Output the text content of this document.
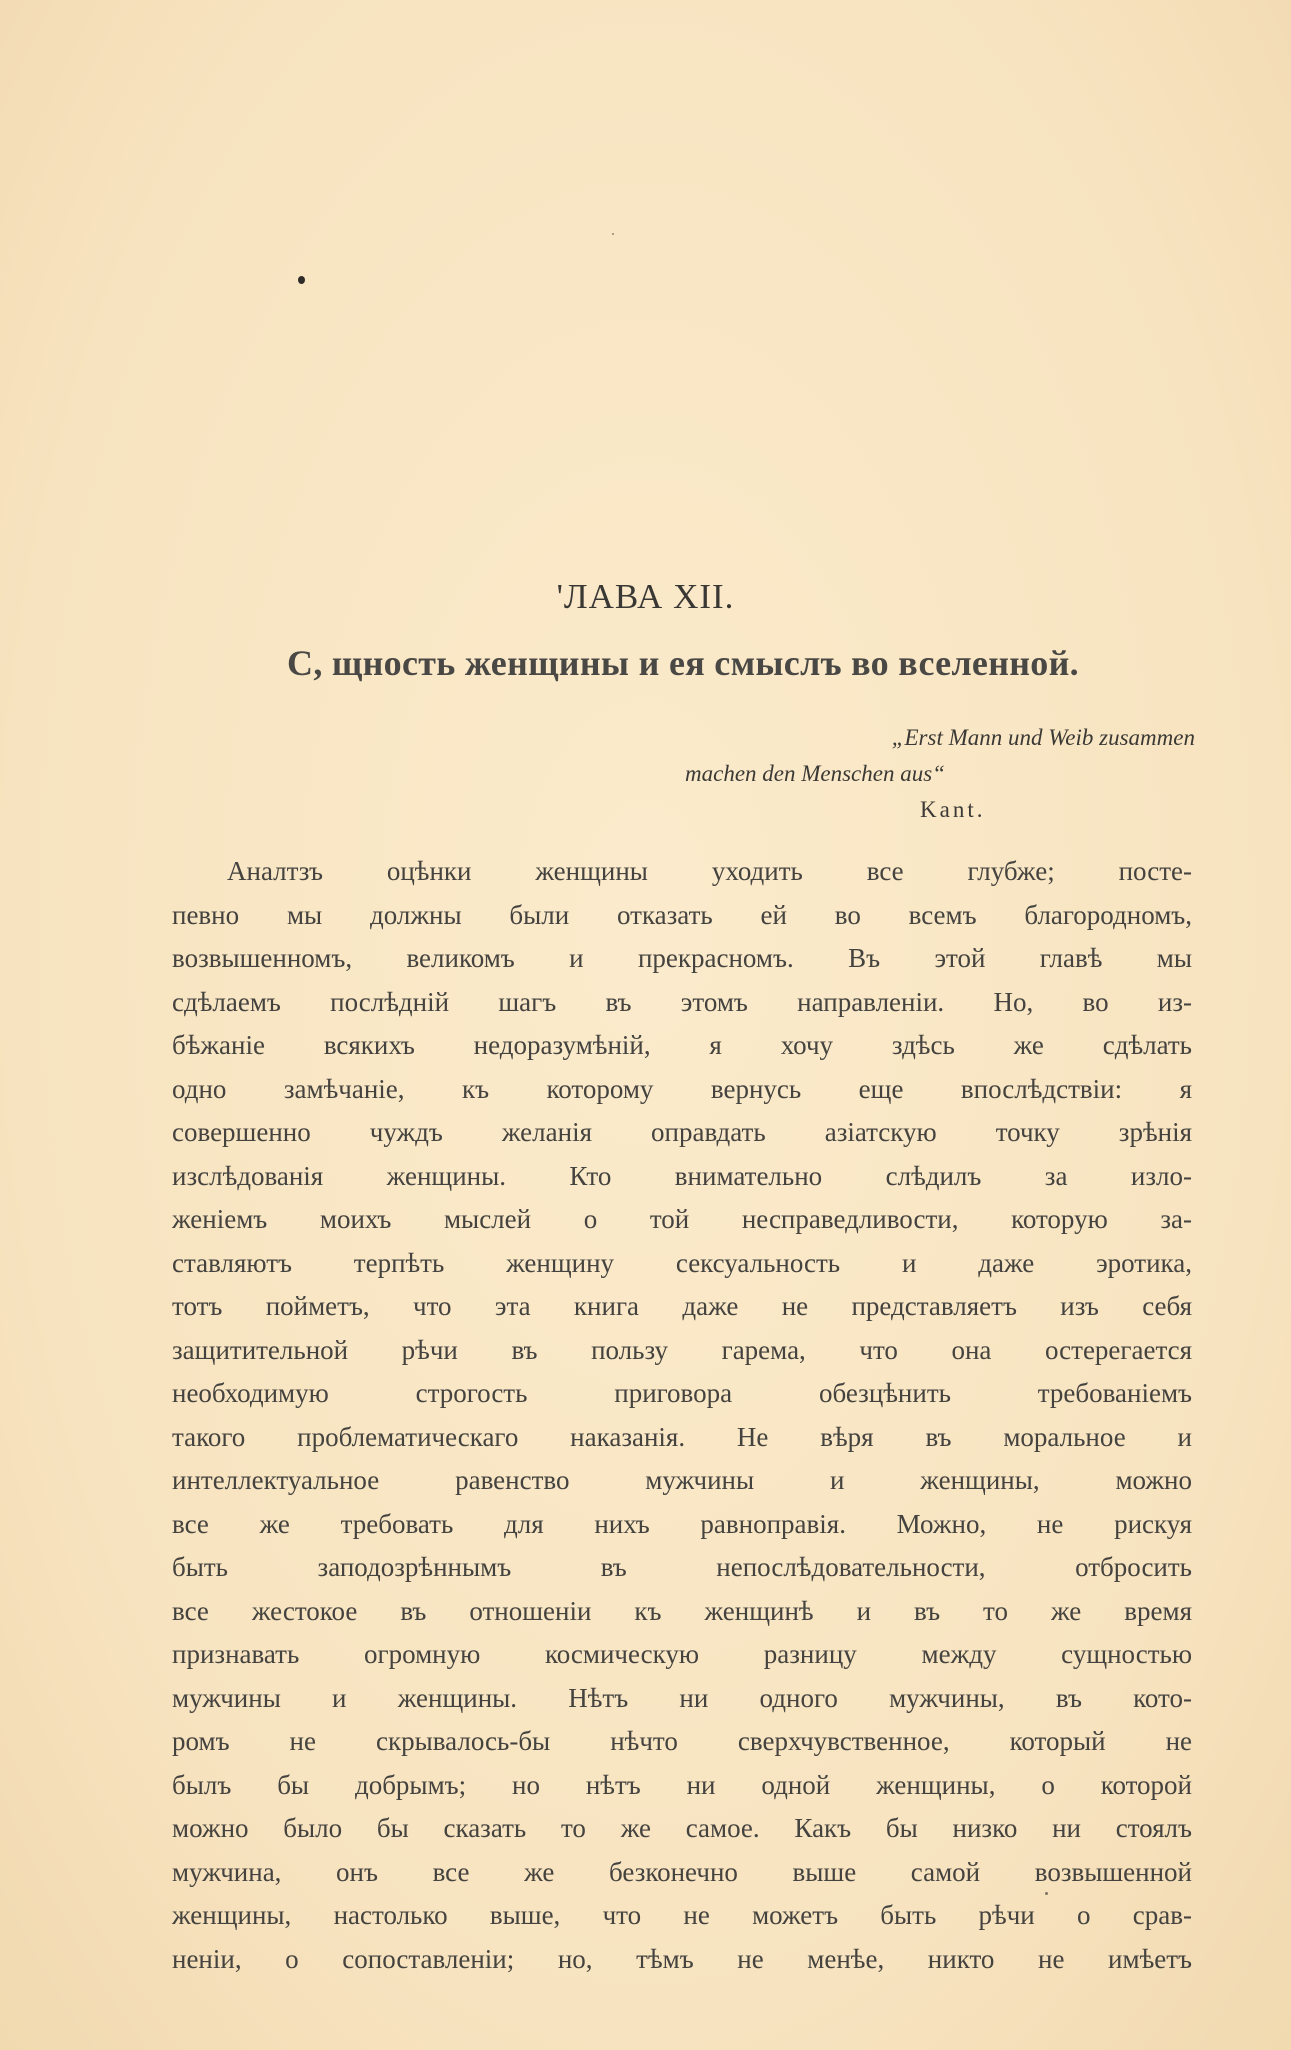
'ЛАВА XII.
С, щность женщины и ея смыслъ во вселенной.
„Erst Mann und Weib zusammen
machen den Menschen aus“
Kant.
Аналтзъ оцѣнки женщины уходить все глубже; посте-
певно мы должны были отказать ей во всемъ благородномъ,
возвышенномъ, великомъ и прекрасномъ. Въ этой главѣ мы
сдѣлаемъ послѣдній шагъ въ этомъ направленіи. Но, во из-
бѣжаніе всякихъ недоразумѣній, я хочу здѣсь же сдѣлать
одно замѣчаніе, къ которому вернусь еще впослѣдствіи: я
совершенно чуждъ желанія оправдать азіатскую точку зрѣнія
изслѣдованія женщины. Кто внимательно слѣдилъ за изло-
женіемъ моихъ мыслей о той несправедливости, которую за-
ставляютъ терпѣть женщину сексуальность и даже эротика,
тотъ пойметъ, что эта книга даже не представляетъ изъ себя
защитительной рѣчи въ пользу гарема, что она остерегается
необходимую строгость приговора обезцѣнить требованіемъ
такого проблематическаго наказанія. Не вѣря въ моральное и
интеллектуальное равенство мужчины и женщины, можно
все же требовать для нихъ равноправія. Можно, не рискуя
быть заподозрѣннымъ въ непослѣдовательности, отбросить
все жестокое въ отношеніи къ женщинѣ и въ то же время
признавать огромную космическую разницу между сущностью
мужчины и женщины. Нѣтъ ни одного мужчины, въ кото-
ромъ не скрывалось-бы нѣчто сверхчувственное, который не
былъ бы добрымъ; но нѣтъ ни одной женщины, о которой
можно было бы сказать то же самое. Какъ бы низко ни стоялъ
мужчина, онъ все же безконечно выше самой возвышенной
женщины, настолько выше, что не можетъ быть рѣчи о срав-
неніи, о сопоставленіи; но, тѣмъ не менѣе, никто не имѣетъ
